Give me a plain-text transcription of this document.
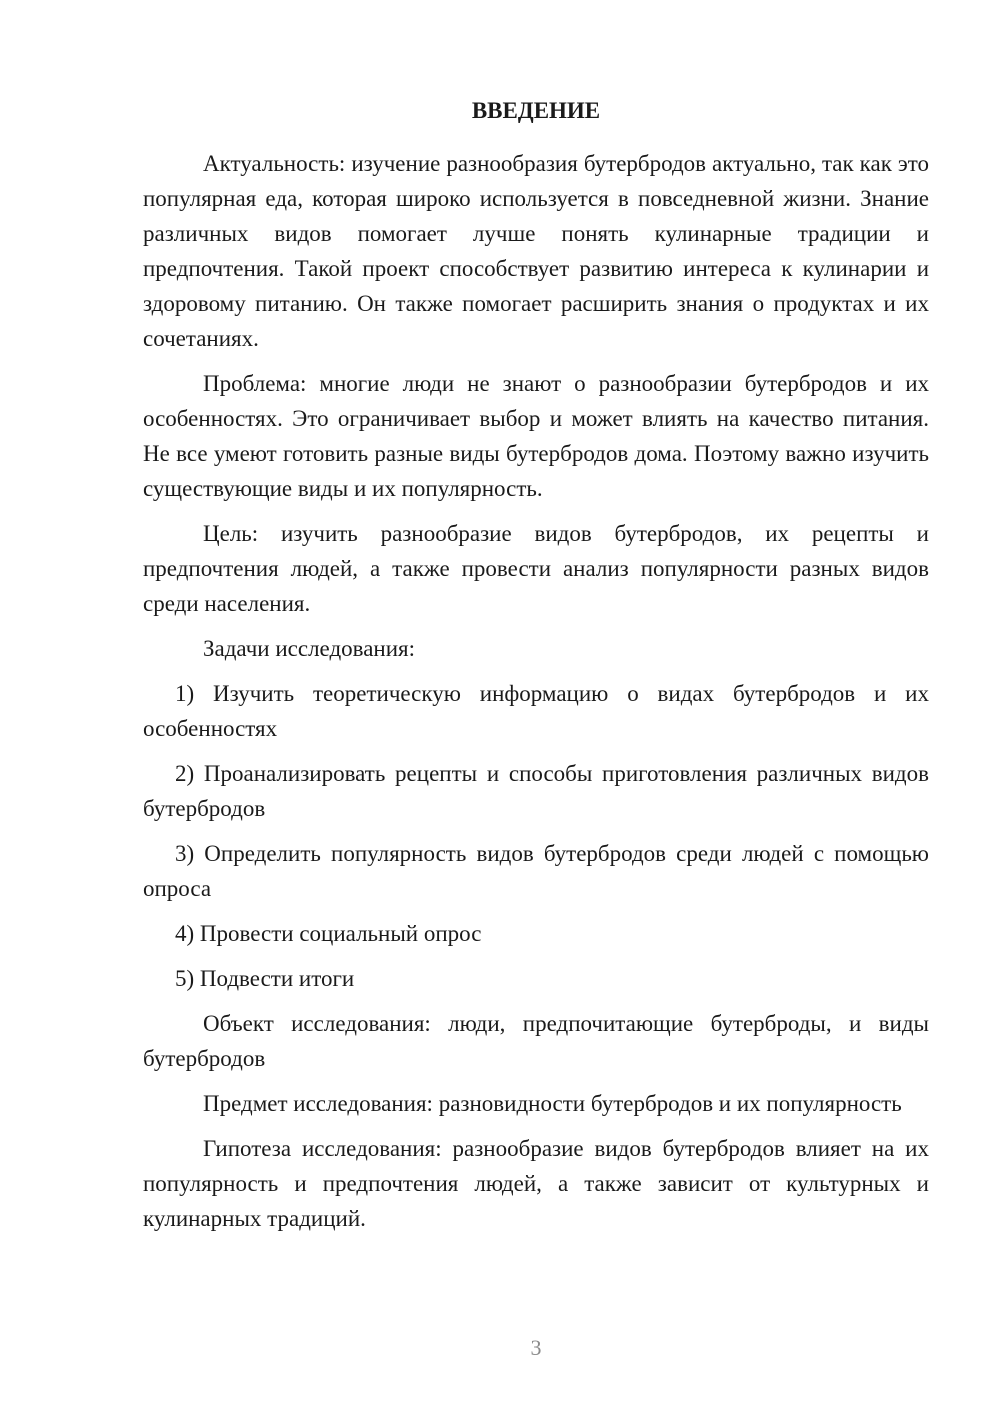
ВВЕДЕНИЕ

Актуальность: изучение разнообразия бутербродов актуально, так как это популярная еда, которая широко используется в повседневной жизни. Знание различных видов помогает лучше понять кулинарные традиции и предпочтения. Такой проект способствует развитию интереса к кулинарии и здоровому питанию. Он также помогает расширить знания о продуктах и их сочетаниях.

Проблема: многие люди не знают о разнообразии бутербродов и их особенностях. Это ограничивает выбор и может влиять на качество питания. Не все умеют готовить разные виды бутербродов дома. Поэтому важно изучить существующие виды и их популярность.

Цель: изучить разнообразие видов бутербродов, их рецепты и предпочтения людей, а также провести анализ популярности разных видов среди населения.

Задачи исследования:

1) Изучить теоретическую информацию о видах бутербродов и их особенностях

2) Проанализировать рецепты и способы приготовления различных видов бутербродов

3) Определить популярность видов бутербродов среди людей с помощью опроса

4) Провести социальный опрос

5) Подвести итоги

Объект исследования: люди, предпочитающие бутерброды, и виды бутербродов

Предмет исследования: разновидности бутербродов и их популярность

Гипотеза исследования: разнообразие видов бутербродов влияет на их популярность и предпочтения людей, а также зависит от культурных и кулинарных традиций.

3
